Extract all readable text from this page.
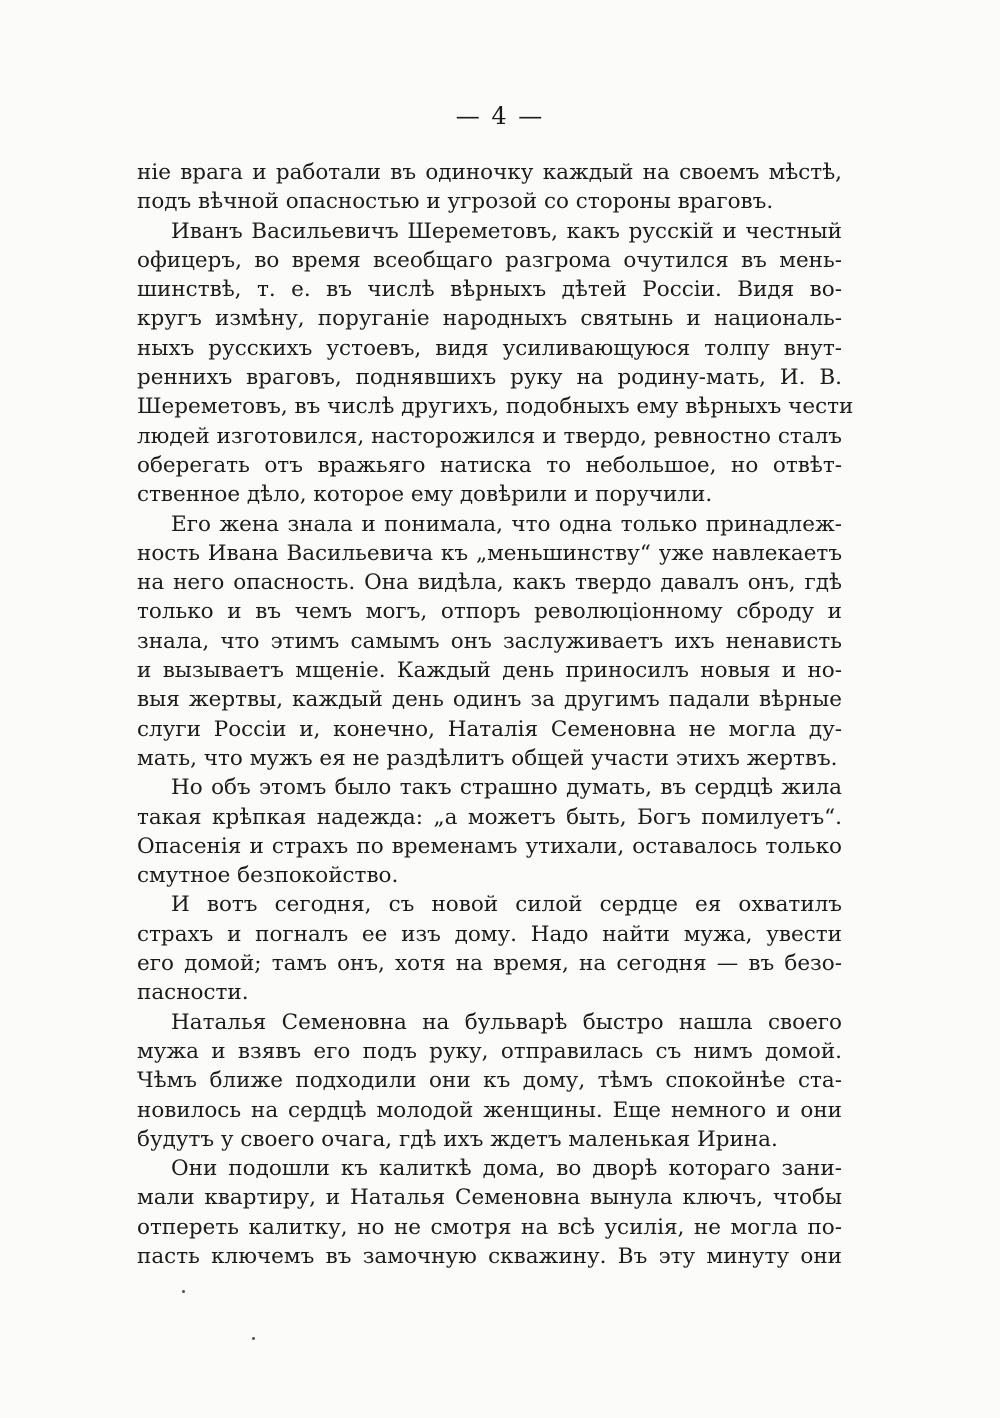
— 4 —
ніе врага и работали въ одиночку каждый на своемъ мѣстѣ,
подъ вѣчной опасностью и угрозой со стороны враговъ.
Иванъ Васильевичъ Шереметовъ, какъ русскій и честный
офицеръ, во время всеобщаго разгрома очутился въ мень-
шинствѣ, т. е. въ числѣ вѣрныхъ дѣтей Россіи. Видя во-
кругъ измѣну, поруганіе народныхъ святынь и националь-
ныхъ русскихъ устоевъ, видя усиливающуюся толпу внут-
реннихъ враговъ, поднявшихъ руку на родину-мать, И. В.
Шереметовъ, въ числѣ другихъ, подобныхъ ему вѣрныхъ чести
людей изготовился, насторожился и твердо, ревностно сталъ
оберегать отъ вражьяго натиска то небольшое, но отвѣт-
ственное дѣло, которое ему довѣрили и поручили.
Его жена знала и понимала, что одна только принадлеж-
ность Ивана Васильевича къ „меньшинству“ уже навлекаетъ
на него опасность. Она видѣла, какъ твердо давалъ онъ, гдѣ
только и въ чемъ могъ, отпоръ революціонному сброду и
знала, что этимъ самымъ онъ заслуживаетъ ихъ ненависть
и вызываетъ мщеніе. Каждый день приносилъ новыя и но-
выя жертвы, каждый день одинъ за другимъ падали вѣрные
слуги Россіи и, конечно, Наталія Семеновна не могла ду-
мать, что мужъ ея не раздѣлитъ общей участи этихъ жертвъ.
Но объ этомъ было такъ страшно думать, въ сердцѣ жила
такая крѣпкая надежда: „а можетъ быть, Богъ помилуетъ“.
Опасенія и страхъ по временамъ утихали, оставалось только
смутное безпокойство.
И вотъ сегодня, съ новой силой сердце ея охватилъ
страхъ и погналъ ее изъ дому. Надо найти мужа, увести
его домой; тамъ онъ, хотя на время, на сегодня — въ безо-
пасности.
Наталья Семеновна на бульварѣ быстро нашла своего
мужа и взявъ его подъ руку, отправилась съ нимъ домой.
Чѣмъ ближе подходили они къ дому, тѣмъ спокойнѣе ста-
новилось на сердцѣ молодой женщины. Еще немного и они
будутъ у своего очага, гдѣ ихъ ждетъ маленькая Ирина.
Они подошли къ калиткѣ дома, во дворѣ котораго зани-
мали квартиру, и Наталья Семеновна вынула ключъ, чтобы
отпереть калитку, но не смотря на всѣ усилія, не могла по-
пасть ключемъ въ замочную скважину. Въ эту минуту они
